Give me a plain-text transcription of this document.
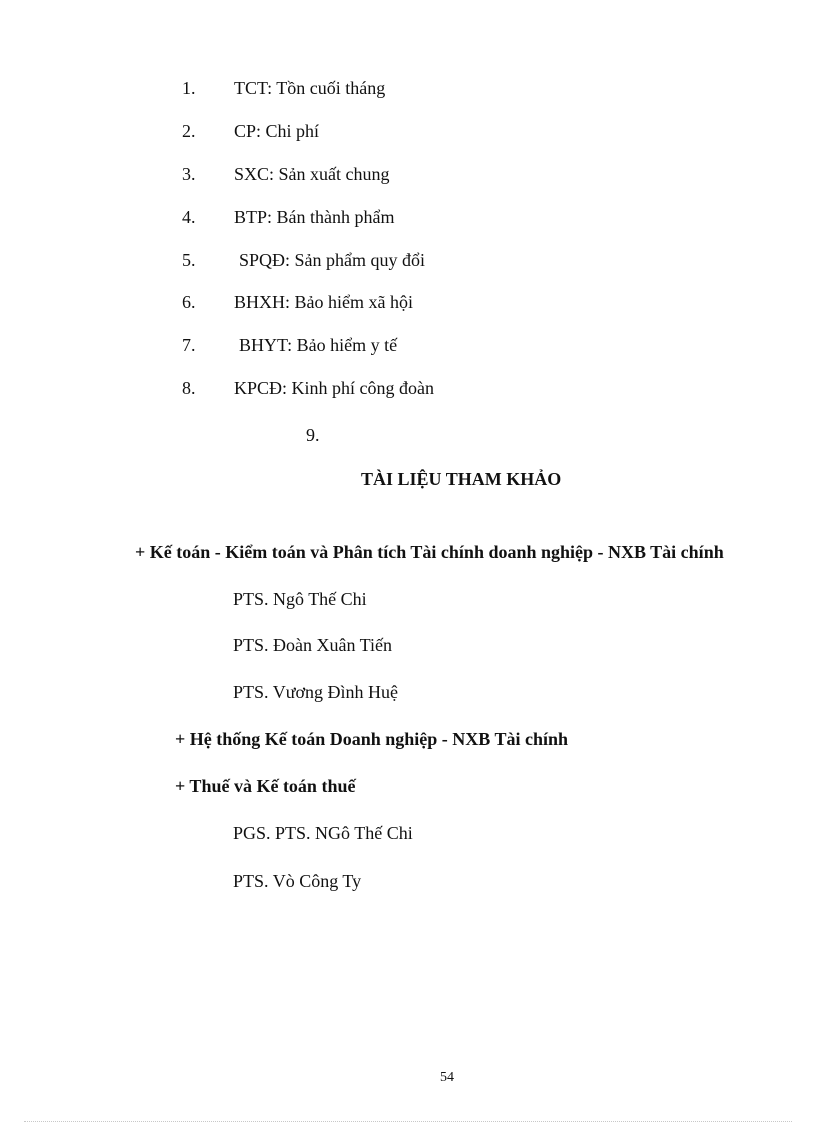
1. TCT: Tồn cuối tháng
2. CP: Chi phí
3. SXC: Sản xuất chung
4. BTP: Bán thành phẩm
5. SPQĐ: Sản phẩm quy đổi
6. BHXH: Bảo hiểm xã hội
7. BHYT: Bảo hiểm y tế
8. KPCĐ: Kinh phí công đoàn
9.
TÀI LIỆU THAM KHẢO
+ Kế toán - Kiểm toán và Phân tích Tài chính doanh nghiệp - NXB Tài chính
PTS. Ngô Thế Chi
PTS. Đoàn Xuân Tiến
PTS. Vương Đình Huệ
+ Hệ thống Kế toán Doanh nghiệp - NXB Tài chính
+ Thuế và Kế toán thuế
PGS. PTS. NGô Thế Chi
PTS. Vò Công Ty
54
